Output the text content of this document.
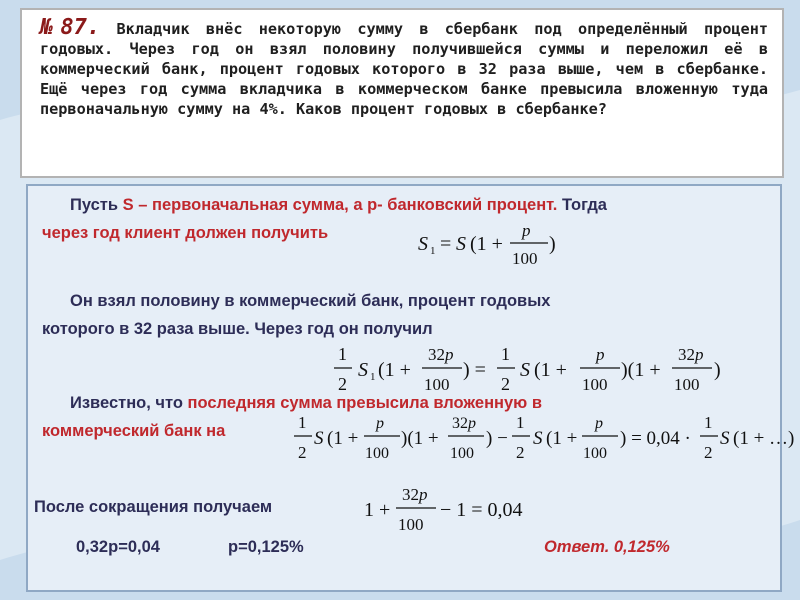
№87. Вкладчик внёс некоторую сумму в сбербанк под определённый процент годовых. Через год он взял половину получившейся суммы и переложил её в коммерческий банк, процент годовых которого в 32 раза выше, чем в сбербанке. Ещё через год сумма вкладчика в коммерческом банке превысила вложенную туда первоначальную сумму на 4%. Каков процент годовых в сбербанке?
Пусть S – первоначальная сумма, а р- банковский процент. Тогда
через год клиент должен получить	S 1 = S (1 +
p
100
)
Он взял половину в коммерческий банк, процент годовых
которого в 32 раза выше. Через год он получил
1
2
S 1 (1 +
32p
100
) =
1
2
S (1 +
p
100
)(1 +
32p
100
)
Известно, что последняя сумма превысила вложенную в
коммерческий банк на	1
2
S (1 +
p
100
)(1 +
32p
100
) −
1
2
S (1 +
p
100
) = 0,04 ·
1
2
S (1 + …)
После сокращения получаем	1 +
32p
100
− 1 = 0,04
0,32р=0,04	р=0,125%	Ответ. 0,125%
